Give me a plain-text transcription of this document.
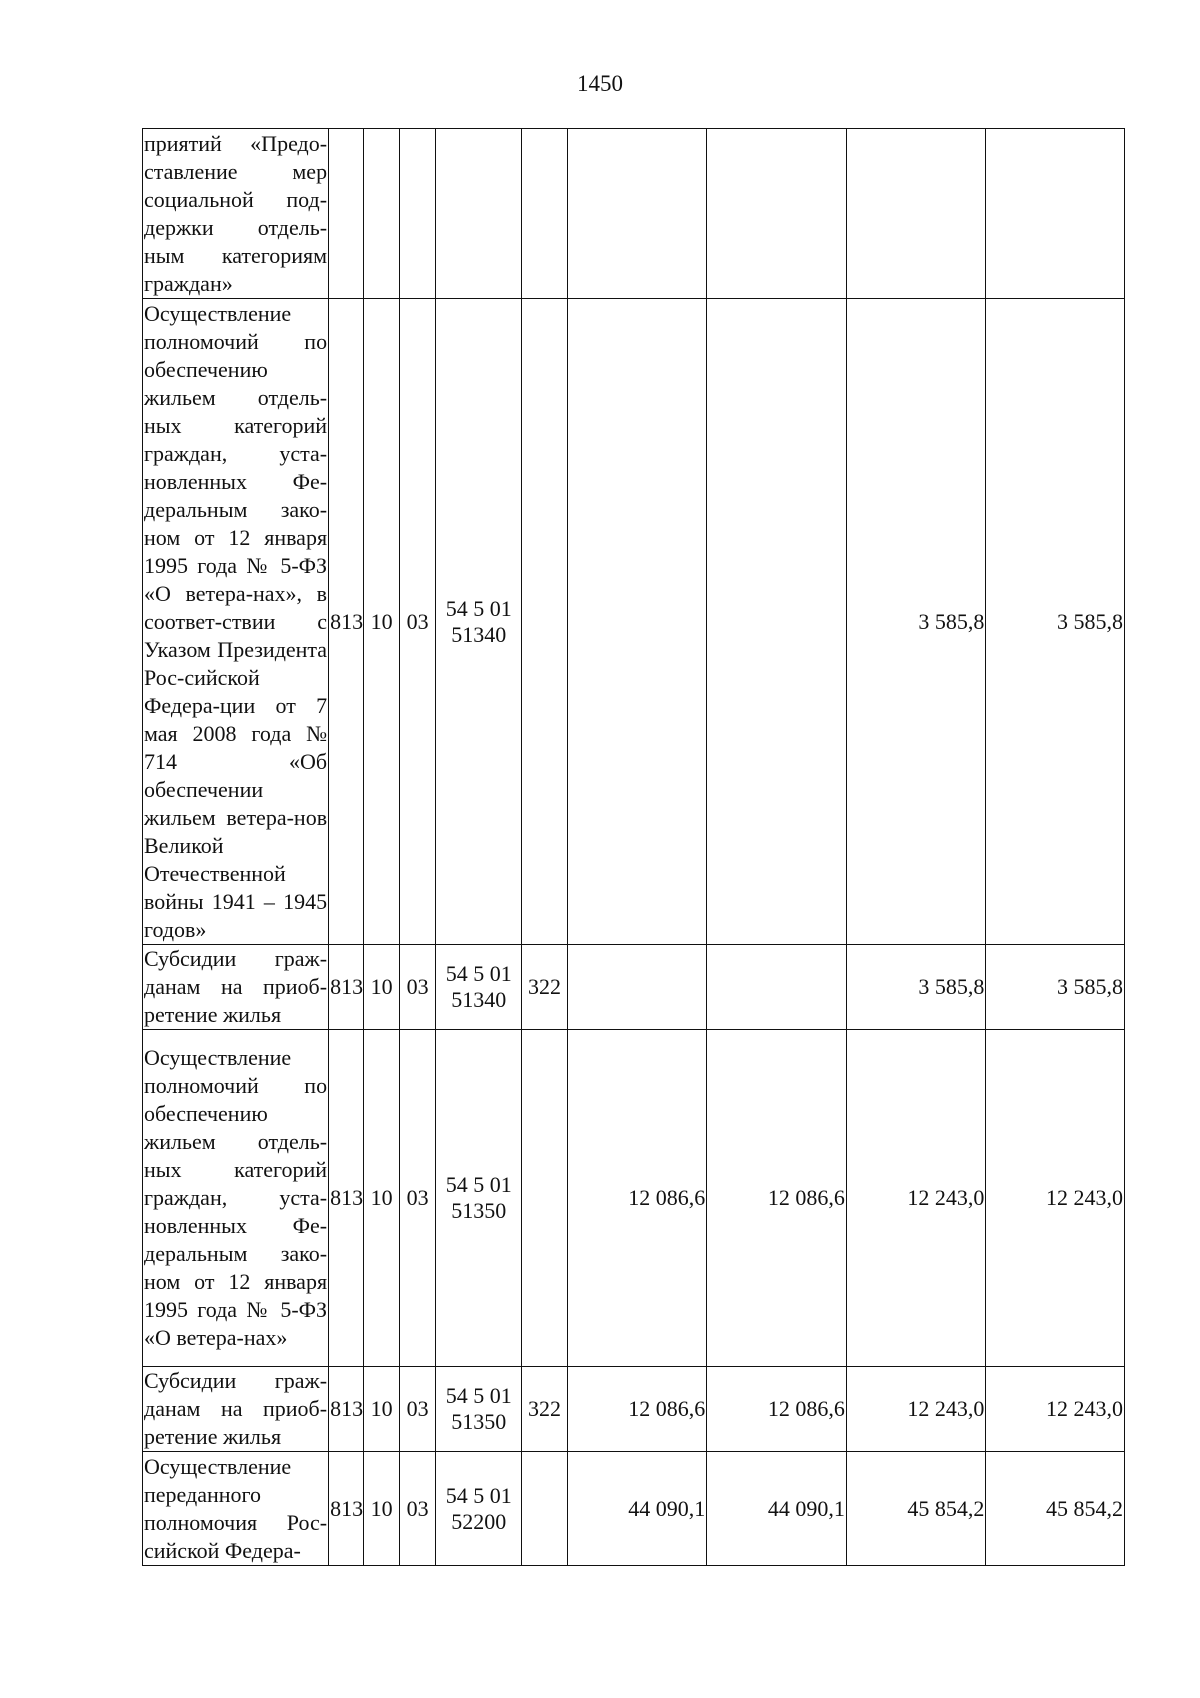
1450
приятий «Предо-ставление мер социальной под-держки отдель-ным категориям граждан»				

Осуществление полномочий по обеспечению жильем отдель-ных категорий граждан, уста-новленных Фе-деральным зако-ном от 12 января 1995 года № 5-ФЗ «О ветера-нах», в соответ-ствии с Указом Президента Рос-сийской Федера-ции от 7 мая 2008 года № 714 «Об обеспечении жильем ветера-нов Великой Отечественной войны 1941 – 1945 годов»	813	10	03	54 5 01
51340				3 585,8	3 585,8
Субсидии граж-данам на приоб-ретение жилья	813	10	03	54 5 01
51340	322			3 585,8	3 585,8
Осуществление полномочий по обеспечению жильем отдель-ных категорий граждан, уста-новленных Фе-деральным зако-ном от 12 января 1995 года № 5-ФЗ «О ветера-нах»	813	10	03	54 5 01
51350		12 086,6	12 086,6	12 243,0	12 243,0
Субсидии граж-данам на приоб-ретение жилья	813	10	03	54 5 01
51350	322	12 086,6	12 086,6	12 243,0	12 243,0
Осуществление переданного полномочия Рос-сийской Федера-	813	10	03	54 5 01
52200		44 090,1	44 090,1	45 854,2	45 854,2
